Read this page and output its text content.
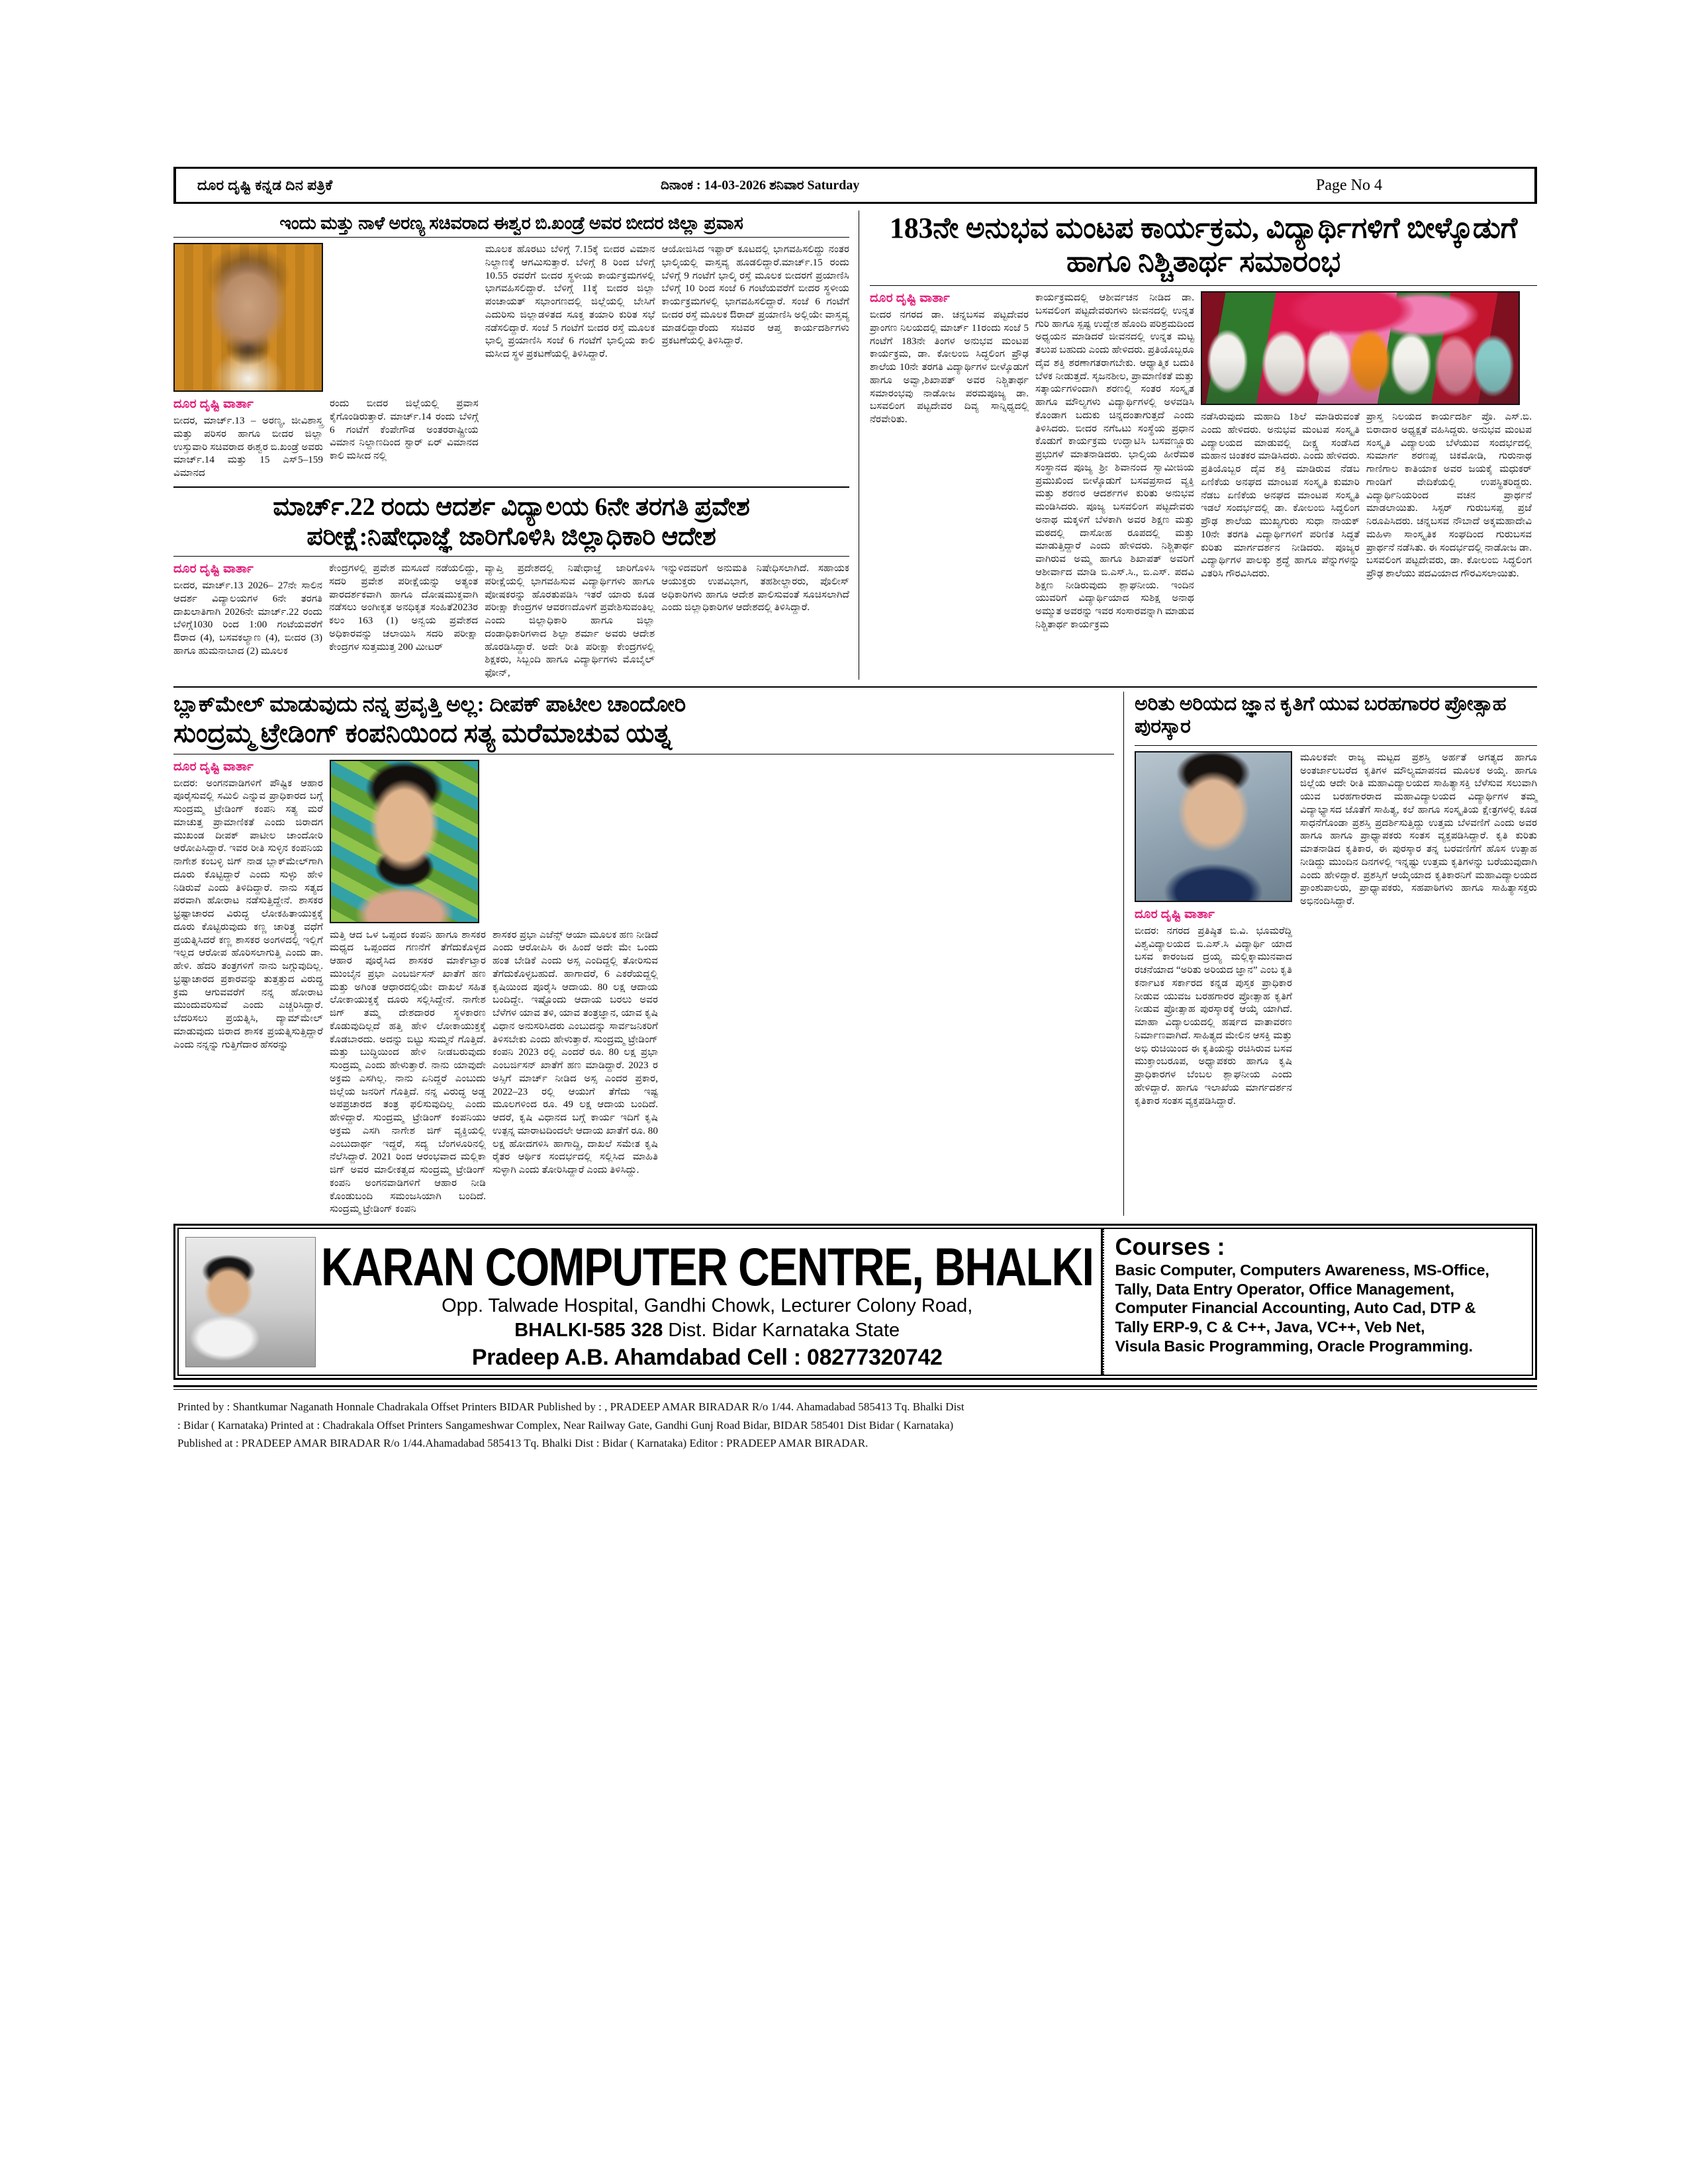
ದೂರ ದೃಷ್ಟಿ ಕನ್ನಡ ದಿನ ಪತ್ರಿಕೆ	ದಿನಾಂಕ : 14-03-2026 ಶನಿವಾರ Saturday	Page No 4
ಇಂದು ಮತ್ತು ನಾಳೆ ಅರಣ್ಯ ಸಚಿವರಾದ ಈಶ್ವರ ಬಿ.ಖಂಡ್ರೆ ಅವರ ಬೀದರ ಜಿಲ್ಲಾ ಪ್ರವಾಸ
ದೂರ ದೃಷ್ಟಿ ವಾರ್ತಾ
ಬೀದರ, ಮಾರ್ಚ್.13 – ಅರಣ್ಯ, ಜೀವಿಶಾಸ್ತ್ರ ಮತ್ತು ಪರಿಸರ ಹಾಗೂ ಬೀದರ ಜಿಲ್ಲಾ ಉಸ್ತುವಾರಿ ಸಚಿವರಾದ ಈಶ್ವರ ಬಿ.ಖಂಡ್ರೆ ಅವರು ಮಾರ್ಚ್.14 ಮತ್ತು 15 ಎಸ್5–159 ವಿಮಾನದ
ರಂದು ಬೀದರ ಜಿಲ್ಲೆಯಲ್ಲಿ ಪ್ರವಾಸ ಕೈಗೊಂಡಿರುತ್ತಾರೆ. ಮಾರ್ಚ್.14 ರಂದು ಬೆಳಿಗ್ಗೆ 6 ಗಂಟೆಗೆ ಕೆಂಪೇಗೌಡ ಅಂತರರಾಷ್ಟ್ರೀಯ ವಿಮಾನ ನಿಲ್ದಾಣದಿಂದ ಸ್ಟಾರ್ ಏರ್ ವಿಮಾನದ ಕಾಲಿ ಮಸೀದ ನಲ್ಲಿ
ಮೂಲಕ ಹೊರಟು ಬೆಳಿಗ್ಗೆ 7.15ಕ್ಕೆ ಬೀದರ ವಿಮಾನ ನಿಲ್ದಾಣಕ್ಕೆ ಆಗಮಿಸುತ್ತಾರೆ. ಬೆಳಿಗ್ಗೆ 8 ರಿಂದ ಬೆಳಿಗ್ಗೆ 10.55 ರವರೆಗೆ ಬೀದರ ಸ್ಥಳೀಯ ಕಾರ್ಯಕ್ರಮಗಳಲ್ಲಿ ಭಾಗವಹಿಸಲಿದ್ದಾರೆ. ಬೆಳಿಗ್ಗೆ 11ಕ್ಕೆ ಬೀದರ ಜಿಲ್ಲಾ ಪಂಚಾಯತ್ ಸಭಾಂಗಣದಲ್ಲಿ ಜಿಲ್ಲೆಯಲ್ಲಿ ಬೇಸಿಗೆ ಎದುರಿಸು ಜಿಲ್ಲಾಡಳಿತದ ಸೂಕ್ತ ತಯಾರಿ ಕುರಿತ ಸಭೆ ನಡೆಸಲಿದ್ದಾರೆ. ಸಂಜೆ 5 ಗಂಟೆಗೆ ಬೀದರ ರಸ್ತೆ ಮೂಲಕ ಭಾಲ್ಕಿ ಪ್ರಯಾಣಿಸಿ ಸಂಜೆ 6 ಗಂಟೆಗೆ ಭಾಲ್ಕಿಯ ಕಾಲಿ ಮಸೀದ ಸ್ಥಳ ಪ್ರಕಟಣೆಯಲ್ಲಿ ತಿಳಿಸಿದ್ದಾರೆ.
ಆಯೋಜಿಸಿದ ಇಫ್ತಾರ್ ಕೂಟದಲ್ಲಿ ಭಾಗವಹಿಸಲಿದ್ದು ನಂತರ ಭಾಲ್ಕಿಯಲ್ಲಿ ವಾಸ್ತವ್ಯ ಹೂಡಲಿದ್ದಾರೆ.ಮಾರ್ಚ್.15 ರಂದು ಬೆಳಿಗ್ಗೆ 9 ಗಂಟೆಗೆ ಭಾಲ್ಕಿ ರಸ್ತೆ ಮೂಲಕ ಬೀದರಗೆ ಪ್ರಯಾಣಿಸಿ ಬೆಳಿಗ್ಗೆ 10 ರಿಂದ ಸಂಜೆ 6 ಗಂಟೆಯವರೆಗೆ ಬೀದರ ಸ್ಥಳೀಯ ಕಾರ್ಯಕ್ರಮಗಳಲ್ಲಿ ಭಾಗವಹಿಸಲಿದ್ದಾರೆ. ಸಂಜೆ 6 ಗಂಟೆಗೆ ಬೀದರ ರಸ್ತೆ ಮೂಲಕ ಔರಾದ್ ಪ್ರಯಾಣಿಸಿ ಅಲ್ಲಿಯೇ ವಾಸ್ತವ್ಯ ಮಾಡಲಿದ್ದಾರೆಂದು ಸಚಿವರ ಆಪ್ತ ಕಾರ್ಯದರ್ಶಿಗಳು ಪ್ರಕಟಣೆಯಲ್ಲಿ ತಿಳಿಸಿದ್ದಾರೆ.
ಮಾರ್ಚ್.22 ರಂದು ಆದರ್ಶ ವಿದ್ಯಾಲಯ 6ನೇ ತರಗತಿ ಪ್ರವೇಶ
ಪರೀಕ್ಷೆ:ನಿಷೇಧಾಜ್ಞೆ ಜಾರಿಗೊಳಿಸಿ ಜಿಲ್ಲಾಧಿಕಾರಿ ಆದೇಶ
ದೂರ ದೃಷ್ಟಿ ವಾರ್ತಾ
ಬೀದರ, ಮಾರ್ಚ್.13 2026– 27ನೇ ಸಾಲಿನ ಆದರ್ಶ ವಿದ್ಯಾಲಯಗಳ 6ನೇ ತರಗತಿ ದಾಖಲಾತಿಗಾಗಿ 2026ನೇ ಮಾರ್ಚ್.22 ರಂದು ಬೆಳಿಗ್ಗೆ1030 ರಿಂದ 1:00 ಗಂಟೆಯವರೆಗೆ ಔರಾದ (4), ಬಸವಕಲ್ಯಾಣ (4), ಬೀದರ (3) ಹಾಗೂ ಹುಮನಾಬಾದ (2) ಮೂಲಕ
ಕೇಂದ್ರಗಳಲ್ಲಿ ಪ್ರವೇಶ ಮಸೂದೆ ನಡೆಯಲಿದ್ದು, ಸದರಿ ಪ್ರವೇಶ ಪರೀಕ್ಷೆಯನ್ನು ಅತ್ಯಂತ ಪಾರದರ್ಶಕವಾಗಿ ಹಾಗೂ ದೋಷಮುಕ್ತವಾಗಿ ನಡೆಸಲು ಅಂಗೀಕೃತ ಅನಧಿಕೃತ ಸಂಹಿತೆ2023ರ ಕಲಂ 163 (1) ಅನ್ವಯ ಪ್ರವೇಶದ ಅಧಿಕಾರವನ್ನು ಚಲಾಯಿಸಿ ಸದರಿ ಪರೀಕ್ಷಾ ಕೇಂದ್ರಗಳ ಸುತ್ತಮುತ್ತ 200 ಮೀಟರ್
ವ್ಯಾಪ್ತಿ ಪ್ರದೇಶದಲ್ಲಿ ನಿಷೇಧಾಜ್ಞೆ ಜಾರಿಗೊಳಿಸಿ ಪರೀಕ್ಷೆಯಲ್ಲಿ ಭಾಗವಹಿಸುವ ವಿದ್ಯಾರ್ಥಿಗಳು ಹಾಗೂ ಪೋಷಕರನ್ನು ಹೊರತುಪಡಿಸಿ ಇತರೆ ಯಾರು ಕೂಡ ಪರೀಕ್ಷಾ ಕೇಂದ್ರಗಳ ಆವರಣದೊಳಗೆ ಪ್ರವೇಶಿಸುವಂತಿಲ್ಲ ಎಂದು ಜಿಲ್ಲಾಧಿಕಾರಿ ಹಾಗೂ ಜಿಲ್ಲಾ ದಂಡಾಧಿಕಾರಿಗಳಾದ ಶಿಲ್ಪಾ ಶರ್ಮಾ ಅವರು ಆದೇಶ ಹೊರಡಿಸಿದ್ದಾರೆ. ಅದೇ ರೀತಿ ಪರೀಕ್ಷಾ ಕೇಂದ್ರಗಳಲ್ಲಿ ಶಿಕ್ಷಕರು, ಸಿಬ್ಬಂದಿ ಹಾಗೂ ವಿದ್ಯಾರ್ಥಿಗಳು ಮೊಬೈಲ್ ಫೋನ್,
ಇನ್ನುಳಿದವರಿಗೆ ಅನುಮತಿ ನಿಷೇಧಿಸಲಾಗಿದೆ. ಸಹಾಯಕ ಆಯುಕ್ತರು ಉಪವಿಭಾಗ, ತಹಶೀಲ್ದಾರರು, ಪೊಲೀಸ್ ಅಧಿಕಾರಿಗಳು ಹಾಗೂ ಆದೇಶ ಪಾಲಿಸುವಂತೆ ಸೂಚಿಸಲಾಗಿದೆ ಎಂದು ಜಿಲ್ಲಾಧಿಕಾರಿಗಳ ಆದೇಶದಲ್ಲಿ ತಿಳಿಸಿದ್ದಾರೆ.
183ನೇ ಅನುಭವ ಮಂಟಪ ಕಾರ್ಯಕ್ರಮ, ವಿದ್ಯಾರ್ಥಿಗಳಿಗೆ ಬೀಳ್ಕೊಡುಗೆ ಹಾಗೂ ನಿಶ್ಚಿತಾರ್ಥ ಸಮಾರಂಭ
ದೂರ ದೃಷ್ಟಿ ವಾರ್ತಾ
ಬೀದರ ನಗರದ ಡಾ. ಚನ್ನಬಸವ ಪಟ್ಟದೇವರ ಪ್ರಾಂಗಣ ನಿಲಯದಲ್ಲಿ ಮಾರ್ಚ್ 11ರಂದು ಸಂಜೆ 5 ಗಂಟೆಗೆ 183ನೇ ತಿಂಗಳ ಅನುಭವ ಮಂಟಪ ಕಾರ್ಯಕ್ರಮ, ಡಾ. ಕೋಲಂಬಿ ಸಿದ್ಧಲಿಂಗ ಪ್ರೌಢ ಶಾಲೆಯ 10ನೇ ತರಗತಿ ವಿದ್ಯಾರ್ಥಿಗಳ ಬೀಳ್ಕೊಡುಗೆ ಹಾಗೂ ಅವ್ವಾ,ಶಿಖಾಪತ್ ಅವರ ನಿಶ್ಚಿತಾರ್ಥ ಸಮಾರಂಭವು ನಾಡೋಜ ಪರಮಪೂಜ್ಯ ಡಾ. ಬಸವಲಿಂಗ ಪಟ್ಟದೇವರ ದಿವ್ಯ ಸಾನ್ನಿಧ್ಯದಲ್ಲಿ ನೆರವೇರಿತು.
ಕಾರ್ಯಕ್ರಮದಲ್ಲಿ ಆಶೀರ್ವಚನ ನೀಡಿದ ಡಾ. ಬಸವಲಿಂಗ ಪಟ್ಟದೇವರುಗಳು ಜೀವನದಲ್ಲಿ ಉನ್ನತ ಗುರಿ ಹಾಗೂ ಸ್ಪಷ್ಟ ಉದ್ದೇಶ ಹೊಂದಿ ಪರಿಶ್ರಮದಿಂದ ಅಧ್ಯಯನ ಮಾಡಿದರೆ ಜೀವನದಲ್ಲಿ ಉನ್ನತ ಮಟ್ಟ ತಲುಪ ಬಹುದು ಎಂದು ಹೇಳಿದರು. ಪ್ರತಿಯೊಬ್ಬರೂ ದೈವ ಶಕ್ತಿ ಶರಣಾಗತರಾಗಬೇಕು. ಆಧ್ಯಾತ್ಮಿಕ ಬದುಕಿ ಬೆಳಕ ನೀಡುತ್ತದೆ. ಸೃಜನಶೀಲ, ಪ್ರಾಮಾಣಿಕತೆ ಮತ್ತು ಸತ್ಕಾರ್ಯಗಳಿಂದಾಗಿ ಶರಣಲ್ಲಿ ಸಂತರ ಸಂಸ್ಕೃತ ಹಾಗೂ ಮೌಲ್ಯಗಳು ವಿದ್ಯಾರ್ಥಿಗಳಲ್ಲಿ ಅಳವಡಿಸಿ ಕೊಂಡಾಗ ಬದುಕು ಚಿನ್ನದಂತಾಗುತ್ತದೆ ಎಂದು ತಿಳಿಸಿದರು. ಬೀದರ ನಗೆಒಟು ಸಂಸ್ಥೆಯ ಪ್ರಧಾನ ಕೊಡುಗೆ ಕಾರ್ಯಕ್ರಮ ಉದ್ಘಾಟಿಸಿ ಬಸವಣ್ಣೂರು ಪ್ರಭುಗಳೆ ಮಾತನಾಡಿದರು. ಭಾಲ್ಕಿಯ ಹೀರೆಮಠ ಸಂಸ್ಥಾನದ ಪೂಜ್ಯ ಶ್ರೀ ಶಿವಾನಂದ ಸ್ವಾಮೀಜಿಯ ಪ್ರಮುಖಿಂದ ಬೀಳ್ಕೊಡುಗೆ ಬಸವಪ್ರಸಾದ ವ್ಯಕ್ತಿ ಮತ್ತು ಶರಣರ ಆದರ್ಶಗಳ ಕುರಿತು ಅನುಭವ ಮಂಡಿಸಿದರು. ಪೂಜ್ಯ ಬಸವಲಿಂಗ ಪಟ್ಟದೇವರು ಅನಾಥ ಮಕ್ಕಳಿಗೆ ಬೆಳಕಾಗಿ ಅವರ ಶಿಕ್ಷಣ ಮತ್ತು ಮಠದಲ್ಲಿ ದಾಸೋಹ ರೂಪದಲ್ಲಿ ಮತ್ತು ಮಾಡುತ್ತಿದ್ದಾರೆ ಎಂದು ಹೇಳಿದರು. ನಿಶ್ಚಿತಾರ್ಥ ವಾಗಿರುವ ಅಮ್ಮ ಹಾಗೂ ಶಿಖಾಪತ್ ಅವರಿಗೆ ಆಶೀರ್ವಾದ ಮಾಡಿ ಬಿ.ಎಸ್.ಸಿ., ಬಿ.ಎಸ್. ಪದವಿ ಶಿಕ್ಷಣ ನೀಡಿರುವುದು ಶ್ಲಾಘನೀಯ. ಇಂದಿನ ಯುವರಿಗೆ ವಿದ್ಯಾರ್ಥಿಯಾದ ಸುಶಿಕ್ಷ ಅನಾಥ ಅಮ್ಮುತ ಅವರನ್ನು ಇವರ ಸಂಸಾರವನ್ನಾಗಿ ಮಾಡುವ ನಿಶ್ಚಿತಾರ್ಥ ಕಾರ್ಯಕ್ರಮ
ನಡೆಸಿರುವುದು ಮಹಾದಿ 1ಶಿಲೆ ಮಾಡಿರುವಂತೆ ಎಂದು ಹೇಳಿದರು. ಅನುಭವ ಮಂಟಪ ಸಂಸ್ಕೃತಿ ವಿದ್ಯಾಲಯದ ಮಾಡುವಲ್ಲಿ ದೀಕ್ಷ್ಣ ಸಂಡೆಸಿದ ಮಹಾನ ಚಿಂತಕರ ಮಾಡಿಸಿದರು. ಎಂದು ಹೇಳಿದರು. ಪ್ರತಿಯೊಬ್ಬರ ದೈವ ಶಕ್ತಿ ಮಾಡಿರುವ ನೆಡಬ ಏಣಿಕೆಯ ಅನಘದ ಮಾಂಟಪ ಸಂಸ್ಕೃತಿ ಕುಮಾರಿ ನೆಡಬ ಏಣಿಕೆಯ ಅನಘದ ಮಾಂಟಪ ಸಂಸ್ಕೃತಿ ಇಡಲೆ ಸಂದರ್ಭದಲ್ಲಿ ಡಾ. ಕೋಲಂಬಿ ಸಿದ್ಧಲಿಂಗ ಪ್ರೌಢ ಶಾಲೆಯ ಮುಖ್ಯಗುರು ಸುಧಾ ನಾಯಕ್ 10ನೇ ತರಗತಿ ವಿದ್ಯಾರ್ಥಿಗಳಿಗೆ ಪರಿಣಿತ ಸಿದ್ಧತೆ ಕುರಿತು ಮಾರ್ಗದರ್ಶನ ನೀಡಿದರು. ಪೂಜ್ಯರ ವಿದ್ಯಾರ್ಥಿಗಳ ಪಾಲಕ್ಕು ಶ್ರದ್ಧೆ ಹಾಗೂ ಪೆನ್ನುಗಳನ್ನು ವಿತರಿಸಿ ಗೌರವಿಸಿದರು.
ಪ್ರಾಸ್ತ ನಿಲಯದ ಕಾರ್ಯದರ್ಶಿ ಪ್ರೊ. ಎಸ್.ಬಿ. ಬಿರಾದಾರ ಅಧ್ಯಕ್ಷತೆ ವಹಿಸಿದ್ದರು. ಅನುಭವ ಮಂಟಪ ಸಂಸ್ಕೃತಿ ವಿದ್ಯಾಲಯ ಬೆಳೆಯುವ ಸಂದರ್ಭದಲ್ಲಿ ಸುಮಾರ್ಗ ಶರಣಪ್ಪ ಚಿಕಮೋಡಿ, ಗುರುನಾಥ ಗಾಣಿಗಾಲ ಕಾತಿಯಾಕ ಅವರ ಜಯಕೈ ಮಧುಕರ್ ಗಾಂಡಿಗೆ ವೇದಿಕೆಯಲ್ಲಿ ಉಪಸ್ಥಿತರಿದ್ದರು. ವಿದ್ಯಾರ್ಥಿನಿಯರಿಂದ ವಚನ ಪ್ರಾರ್ಥನೆ ಮಾಡಲಾಯಿತು. ಸಿಸ್ಟರ್ ಗುರುಬಸಪ್ಪ ಪ್ರಜೆ ನಿರೂಪಿಸಿದರು. ಚನ್ನಬಸವ ನೌಬಾದೆ ಅಕ್ಕಮಹಾದೇವಿ ಮಹಿಳಾ ಸಾಂಸ್ಕೃತಿಕ ಸಂಘದಿಂದ ಗುರುಬಸವ ಪ್ರಾರ್ಥನೆ ನಡೆಸಿತು. ಈ ಸಂದರ್ಭದಲ್ಲಿ ನಾಡೋಜ ಡಾ. ಬಸವಲಿಂಗ ಪಟ್ಟದೇವರು, ಡಾ. ಕೋಲಂಬಿ ಸಿದ್ಧಲಿಂಗ ಪ್ರೌಢ ಶಾಲೆಯು ಪದವಿಯಾದ ಗೌರವಿಸಲಾಯಿತು.
ಬ್ಲಾಕ್‌ಮೇಲ್ ಮಾಡುವುದು ನನ್ನ ಪ್ರವೃತ್ತಿ ಅಲ್ಲ: ದೀಪಕ್ ಪಾಟೀಲ ಚಾಂದೋರಿ
ಸುಂದ್ರಮ್ಮ ಟ್ರೇಡಿಂಗ್ ಕಂಪನಿಯಿಂದ ಸತ್ಯ ಮರೆಮಾಚುವ ಯತ್ನ
ದೂರ ದೃಷ್ಟಿ ವಾರ್ತಾ
ಬೀದರ: ಅಂಗನವಾಡಿಗಳಿಗೆ ಪೌಷ್ಟಿಕ ಆಹಾರ ಪೂರೈಸುವಲ್ಲಿ ಸಮಿಲಿ ಎನ್ನುವ ಪ್ರಾಧಿಕಾರದ ಬಗ್ಗೆ ಸುಂದ್ರಮ್ಮ ಟ್ರೇಡಿಂಗ್ ಕಂಪನಿ ಸತ್ಯ ಮರೆ ಮಾಚುತ್ತ ಪ್ರಾಮಾಣಿಕತೆ ಎಂದು ಜಿರಾದಗ ಮುಖಂಡ ದೀಪಕ್ ಪಾಟೀಲ ಚಾಂದೋರಿ ಆರೋಪಿಸಿದ್ದಾರೆ. ಇವರ ರೀತಿ ಸುಳ್ಳಿನ ಕಂಪನಿಯ ನಾಗೇಶ ಕಂಬಳ್ಳಿ ಜಿಗ್ ನಾಡ ಬ್ಲಾಕ್‌ಮೇಲ್‌ಗಾಗಿ ದೂರು ಕೊಟ್ಟಿದ್ದಾರೆ ಎಂದು ಸುಳ್ಳು ಹೇಳಿ ನಿಡಿರುವೆ ಎಂದು ತಿಳಿದಿದ್ದಾರೆ. ನಾನು ಸತ್ಯದ ಪರವಾಗಿ ಹೋರಾಟ ನಡೆಸುತ್ತಿದ್ದೇನೆ. ಶಾಸಕರ ಭ್ರಷ್ಟಾಚಾರದ ವಿರುದ್ಧ ಲೋಕಹಿತಾಯುಕ್ತಕ್ಕೆ ದೂರು ಕೊಟ್ಟಿರುವುದು ಕಣ್ಣ ಚಾರಿತ್ರ್ಯ ವಧೆಗೆ ಪ್ರಯತ್ನಿಸಿದರೆ ಕಣ್ಣ ಶಾಸಕರ ಅಂಗಳದಲ್ಲಿ ಇಲ್ಲಿಗೆ ಇಲ್ಲದ ಆರೋಪ ಹೊರಿಸಲಾಗುತ್ತಿ ಎಂದು ಡಾ. ಹೇಳಿ. ಹೆದರಿ ತಂತ್ರಗಳಿಗೆ ನಾನು ಜಗ್ಗುವುದಿಲ್ಲ. ಭ್ರಷ್ಟಾಚಾರದ ಪ್ರಕಾರವನ್ನು ತುತ್ತತ್ತುದ ವಿರುದ್ಧ ಕ್ರಮ ಆಗುವವರೆಗೆ ನನ್ನ ಹೋರಾಟ ಮುಂದುವರಿಸುವೆ ಎಂದು ಎಚ್ಚರಿಸಿದ್ದಾರೆ. ಬೆದರಿಸಲು ಪ್ರಯತ್ನಿಸಿ, ದ್ಯಾಮ್‌ಮೇಲ್ ಮಾಡುವುದು ಜಿರಾದ ಶಾಸಕ ಪ್ರಯತ್ನಿಸುತ್ತಿದ್ದಾರೆ ಎಂದು ನನ್ನನ್ನು ಗುತ್ತಿಗೆದಾರ ಹೆಸರನ್ನು
ಮತ್ತಿ ಆದ ಒಳ ಒಪ್ಪಂದ ಕಂಪನಿ ಹಾಗೂ ಶಾಸಕರ ಮಧ್ಯದ ಒಪ್ಪಂದದ ಗಣನೆಗೆ ತೆಗೆದುಕೊಳ್ಳದ ಆಹಾರ ಪೂರೈಸಿದ ಶಾಸಕರ ಮಾರ್ಕೆಟ್ತಾರ ಮುಂಬೈನ ಪ್ರಭಾ ಎಂಬರ್ಜಿಸನ್ ಖಾತೆಗೆ ಹಣ ಮತ್ತು ಅಗಿಂತ ಆಧಾರದಲ್ಲಿಯೇ ದಾಖಲೆ ಸಹಿತ ಲೋಕಾಯುಕ್ತಕ್ಕೆ ದೂರು ಸಲ್ಲಿಸಿದ್ದೇನೆ. ನಾಗೇಶ ಜಿಗ್ ತಮ್ಮ ದೇಶದಾರರ ಸ್ಥಳಕಾರಣ ಕೊಡುವುದಿಲ್ಲದೆ ಹತ್ತಿ ಹೇಳಿ ಲೋಕಾಯುಕ್ತಕ್ಕೆ ಕೊಡಬಾರದು. ಅದನ್ನು ಬಿಟ್ಟು ಸುಮ್ಮನೆ ಗೊತ್ತಿದೆ. ಮತ್ತು ಬುದ್ಧಿಯಿಂದ ಹೇಳಿ ನೀಡಬರುವುದು ಸುಂದ್ರಮ್ಮ ಎಂದು ಹೇಳುತ್ತಾರೆ. ನಾನು ಯಾವುದೇ ಅಕ್ರಮ ಎಸಗಿಲ್ಲ. ನಾನು ಏನಿದ್ದರೆ ಎಂಬುದು ಜಿಲ್ಲೆಯ ಜನರಿಗೆ ಗೊತ್ತಿದೆ. ನನ್ನ ವಿರುದ್ಧ ಅಡ್ಡ ಅಪಪ್ರಚಾರದ ತಂತ್ರ ಫಲಿಸುವುದಿಲ್ಲ ಎಂದು ಹೇಳಿದ್ದಾರೆ. ಸುಂದ್ರಮ್ಮ ಟ್ರೇಡಿಂಗ್ ಕಂಪನಿಯು ಅಕ್ರಮ ಎಸಗಿ ನಾಗೇಶ ಜಿಗ್ ವ್ಯಕ್ತಿಯಲ್ಲಿ ಎಂಬುದಾರ್ಥ ಇದ್ದರೆ, ಸದ್ಯ ಬೆಂಗಳೂರಿನಲ್ಲಿ ನೆಲೆಸಿದ್ದಾರೆ. 2021 ರಿಂದ ಆರಂಭವಾದ ಮಲ್ಲಿಕಾ ಜಿಗ್ ಅವರ ಮಾಲೀಕತ್ವದ ಸುಂದ್ರಮ್ಮ ಟ್ರೇಡಿಂಗ್ ಕಂಪನಿ ಅಂಗನವಾಡಿಗಳಿಗೆ ಆಹಾರ ನೀಡಿ ಕೊಂಡುಬಂದಿ ಸಮಂಜಸಿಯಾಗಿ ಬಂದಿದೆ. ಸುಂದ್ರಮ್ಮ ಟ್ರೇಡಿಂಗ್ ಕಂಪನಿ
ಶಾಸಕರ ಪ್ರಭಾ ಎಜೆನ್ಸ್ ಆಯಾ ಮೂಲಕ ಹಣ ನೀಡಿದೆ ಎಂದು ಆರೋಪಿಸಿ ಈ ಹಿಂದೆ ಅದೇ ಮೇ ಒಂದು ಹಂತ ಬೇಡಿಕೆ ಎಂದು ಅಸ್ಸ ಎಂದಿದ್ದಲ್ಲಿ ತೋರಿಸುವ ತೆಗೆದುಕೊಳ್ಳಬಹುದೆ. ಹಾಗಾದರೆ, 6 ಎಕರೆಯದ್ದಲ್ಲಿ ಕೃಷಿಯಿಂದ ಪೂರೈಸಿ ಆದಾಯ. 80 ಲಕ್ಷ ಆದಾಯ ಬಂದಿದ್ದೇ. ಇಷ್ಟೊಂದು ಆದಾಯ ಬರಲು ಅವರ ಬೆಳೆಗಳ ಯಾವ ತಳಿ, ಯಾವ ತಂತ್ರಜ್ಞಾನ, ಯಾವ ಕೃಷಿ ವಿಧಾನ ಅನುಸರಿಸಿದರು ಎಂಬುದನ್ನು ಸಾರ್ವಜನಿಕರಿಗೆ ತಿಳಿಸಬೇಕು ಎಂದು ಹೇಳುತ್ತಾರೆ. ಸುಂದ್ರಮ್ಮ ಟ್ರೇಡಿಂಗ್ ಕಂಪನಿ 2023 ರಲ್ಲಿ ಎಂದರೆ ರೂ. 80 ಲಕ್ಷ ಪ್ರಭಾ ಎಂಬರ್ಜಿಸನ್ ಖಾತೆಗೆ ಹಣ ಮಾಡಿದ್ದಾರೆ. 2023 ರ ಅಸ್ಸಿಗೆ ಮಾರ್ಚ್ ನೀಡಿದ ಅಸ್ಸ ಎಂದರ ಪ್ರಕಾರ, 2022–23 ರಲ್ಲಿ ಆಯುಗೆ ತೆಗೆದು ಇಷ್ಟ ಮೂಲಗಳಿಂದ ರೂ. 49 ಲಕ್ಷ ಆದಾಯ ಬಂದಿದೆ. ಆದರೆ, ಕೃಷಿ ವಿಧಾನದ ಬಗ್ಗೆ ಕಾರ್ಯ ಇದಿಗೆ ಕೃಷಿ ಉತ್ಪನ್ನ ಮಾರಾಟದಿಂದಲೇ ಆದಾಯ ಖಾತೆಗೆ ರೂ. 80 ಲಕ್ಷ ಹೋದಗಳಿಸಿ ಹಾಗಾದ್ದಿ, ದಾಖಲೆ ಸಮೇತ ಕೃಷಿ ರೈತರ ಆರ್ಥಿಕ ಸಂದರ್ಭದಲ್ಲಿ ಸಲ್ಲಿಸಿದ ಮಾಹಿತಿ ಸುಳ್ಳಾಗಿ ಎಂದು ತೋರಿಸಿದ್ದಾರೆ ಎಂದು ತಿಳಿಸಿದ್ದು.
ಅರಿತು ಅರಿಯದ ಜ್ಞಾನ ಕೃತಿಗೆ ಯುವ ಬರಹಗಾರರ ಪ್ರೋತ್ಸಾಹ ಪುರಸ್ಕಾರ
ದೂರ ದೃಷ್ಟಿ ವಾರ್ತಾ
ಬೀದರ: ನಗರದ ಪ್ರತಿಷ್ಠಿತ ಬಿ.ವಿ. ಭೂಮರೆದ್ದಿ ವಿಶ್ವವಿದ್ಯಾಲಯದ ಬಿ.ಎಸ್.ಸಿ ವಿದ್ಯಾರ್ಥಿ ಯಾದ ಬಸವ ಕಾರಂಜದ ದ್ರಯ್ಯ ಮಲ್ಲಿಕ್ಕಾಮುನವಾದ ರಚನೆಯಾದ “ಅರಿತು ಅರಿಯದ ಜ್ಞಾನ” ಎಂಬ ಕೃತಿ ಕರ್ನಾಟಕ ಸರ್ಕಾರದ ಕನ್ನಡ ಪುಸ್ತಕ ಪ್ರಾಧಿಕಾರ ನೀಡುವ ಯುವಜ ಬರಹಗಾರರ ಪ್ರೋತ್ಸಾಹ ಕೃತಿಗೆ ನೀಡುವ ಪ್ರೋತ್ಸಾಹ ಪುರಸ್ಕಾರಕ್ಕೆ ಆಯ್ಕೆ ಯಾಗಿದೆ. ಮಾಹಾ ವಿದ್ಯಾಲಯದಲ್ಲಿ ಹರ್ಷದ ವಾತಾವರಣ ನಿರ್ಮಾಣವಾಗಿದೆ. ಸಾಹಿತ್ಯದ ಮೇಲಿನ ಆಸಕ್ತಿ ಮತ್ತು ಅಭಿ ರುಚಿಯಿಂದ ಈ ಕೃತಿಯನ್ನು ರಚಿಸಿರುವ ಬಸವ ಮುಕ್ತಾಂಬರೂಪ, ಅಧ್ಯಾಪಕರು ಹಾಗೂ ಕೃಷಿ ಪ್ರಾಧಿಕಾರಗಳ ಬೆಂಬಲ ಶ್ಲಾಘನೀಯ ಎಂದು ಹೇಳಿದ್ದಾರೆ. ಹಾಗೂ ಇಲಾಖೆಯ ಮಾರ್ಗದರ್ಶನ ಕೃತಿಕಾರ ಸಂತಸ ವ್ಯಕ್ತಪಡಿಸಿದ್ದಾರೆ.
ಮೂಲಕವೇ ರಾಜ್ಯ ಮಟ್ಟದ ಪ್ರಶಸ್ತಿ ಅರ್ಹತೆ ಅಗತ್ಯದ ಹಾಗೂ ಅಂತರ್ಜಾಲಬರೆದ ಕೃತಿಗಳ ಮೌಲ್ಯಮಾಪನದ ಮೂಲಕ ಅಯ್ಕೆ. ಹಾಗೂ ಜಿಲ್ಲೆಯ ಆದೇ ರೀತಿ ಮಹಾವಿದ್ಯಾಲಯದ ಸಾಹಿತ್ಯಾಸಕ್ತಿ ಬೆಳೆಸುವ ಸಲುವಾಗಿ ಯುವ ಬರಹಗಾರರಾದ ಮಹಾವಿದ್ಯಾಲಯದ ವಿದ್ಯಾರ್ಥಿಗಳ ತಮ್ಮ ವಿದ್ಯಾಭ್ಯಾಸದ ಜೊತೆಗೆ ಸಾಹಿತ್ಯ, ಕಲೆ ಹಾಗೂ ಸಂಸ್ಕೃತಿಯ ಕ್ಷೇತ್ರಗಳಲ್ಲಿ ಕೂಡ ಸಾಧನೆಗೊಂಡಾ ಪ್ರಶಸ್ತಿ ಪ್ರದರ್ಶಿಸುತ್ತಿದ್ದು ಉತ್ತಮ ಬೆಳವಣಿಗೆ ಎಂದು ಅವರ ಹಾಗೂ ಹಾಗೂ ಪ್ರಾಧ್ಯಾಪಕರು ಸಂತಸ ವ್ಯಕ್ತಪಡಿಸಿದ್ದಾರೆ. ಕೃತಿ ಕುರಿತು ಮಾತನಾಡಿದ ಕೃತಿಕಾರ, ಈ ಪುರಸ್ಕಾರ ತನ್ನ ಬರವಣಿಗೆಗೆ ಹೊಸ ಉತ್ಸಾಹ ನೀಡಿದ್ದು ಮುಂದಿನ ದಿನಗಳಲ್ಲಿ ಇನ್ನಷ್ಟು ಉತ್ತಮ ಕೃತಿಗಳನ್ನು ಬರೆಯುವುದಾಗಿ ಎಂದು ಹೇಳಿದ್ದಾರೆ. ಪ್ರಶಸ್ತಿಗೆ ಆಯ್ಕೆಯಾದ ಕೃತಿಕಾರನಿಗೆ ಮಹಾವಿದ್ಯಾಲಯದ ಪ್ರಾಂಶುಪಾಲರು, ಪ್ರಾಧ್ಯಾಪಕರು, ಸಹಪಾಠಿಗಳು ಹಾಗೂ ಸಾಹಿತ್ಯಾಸಕ್ತರು ಅಭಿನಂದಿಸಿದ್ದಾರೆ.
KARAN COMPUTER CENTRE, BHALKI
Opp. Talwade Hospital, Gandhi Chowk, Lecturer Colony Road,
BHALKI-585 328 Dist. Bidar Karnataka State
Pradeep A.B. Ahamdabad Cell : 08277320742
Courses :
Basic Computer, Computers Awareness, MS-Office,
Tally, Data Entry Operator, Office Management,
Computer Financial Accounting, Auto Cad, DTP &
Tally ERP-9, C & C++, Java, VC++, Veb Net,
Visula Basic Programming, Oracle Programming.
Printed by : Shantkumar Naganath Honnale Chadrakala Offset Printers BIDAR Published by : , PRADEEP AMAR BIRADAR R/o 1/44. Ahamadabad 585413 Tq. Bhalki Dist
: Bidar ( Karnataka) Printed at : Chadrakala Offset Printers Sangameshwar Complex, Near Railway Gate, Gandhi Gunj Road Bidar, BIDAR 585401 Dist Bidar ( Karnataka)
Published at : PRADEEP AMAR BIRADAR R/o 1/44.Ahamadabad 585413 Tq. Bhalki Dist : Bidar ( Karnataka) Editor : PRADEEP AMAR BIRADAR.
